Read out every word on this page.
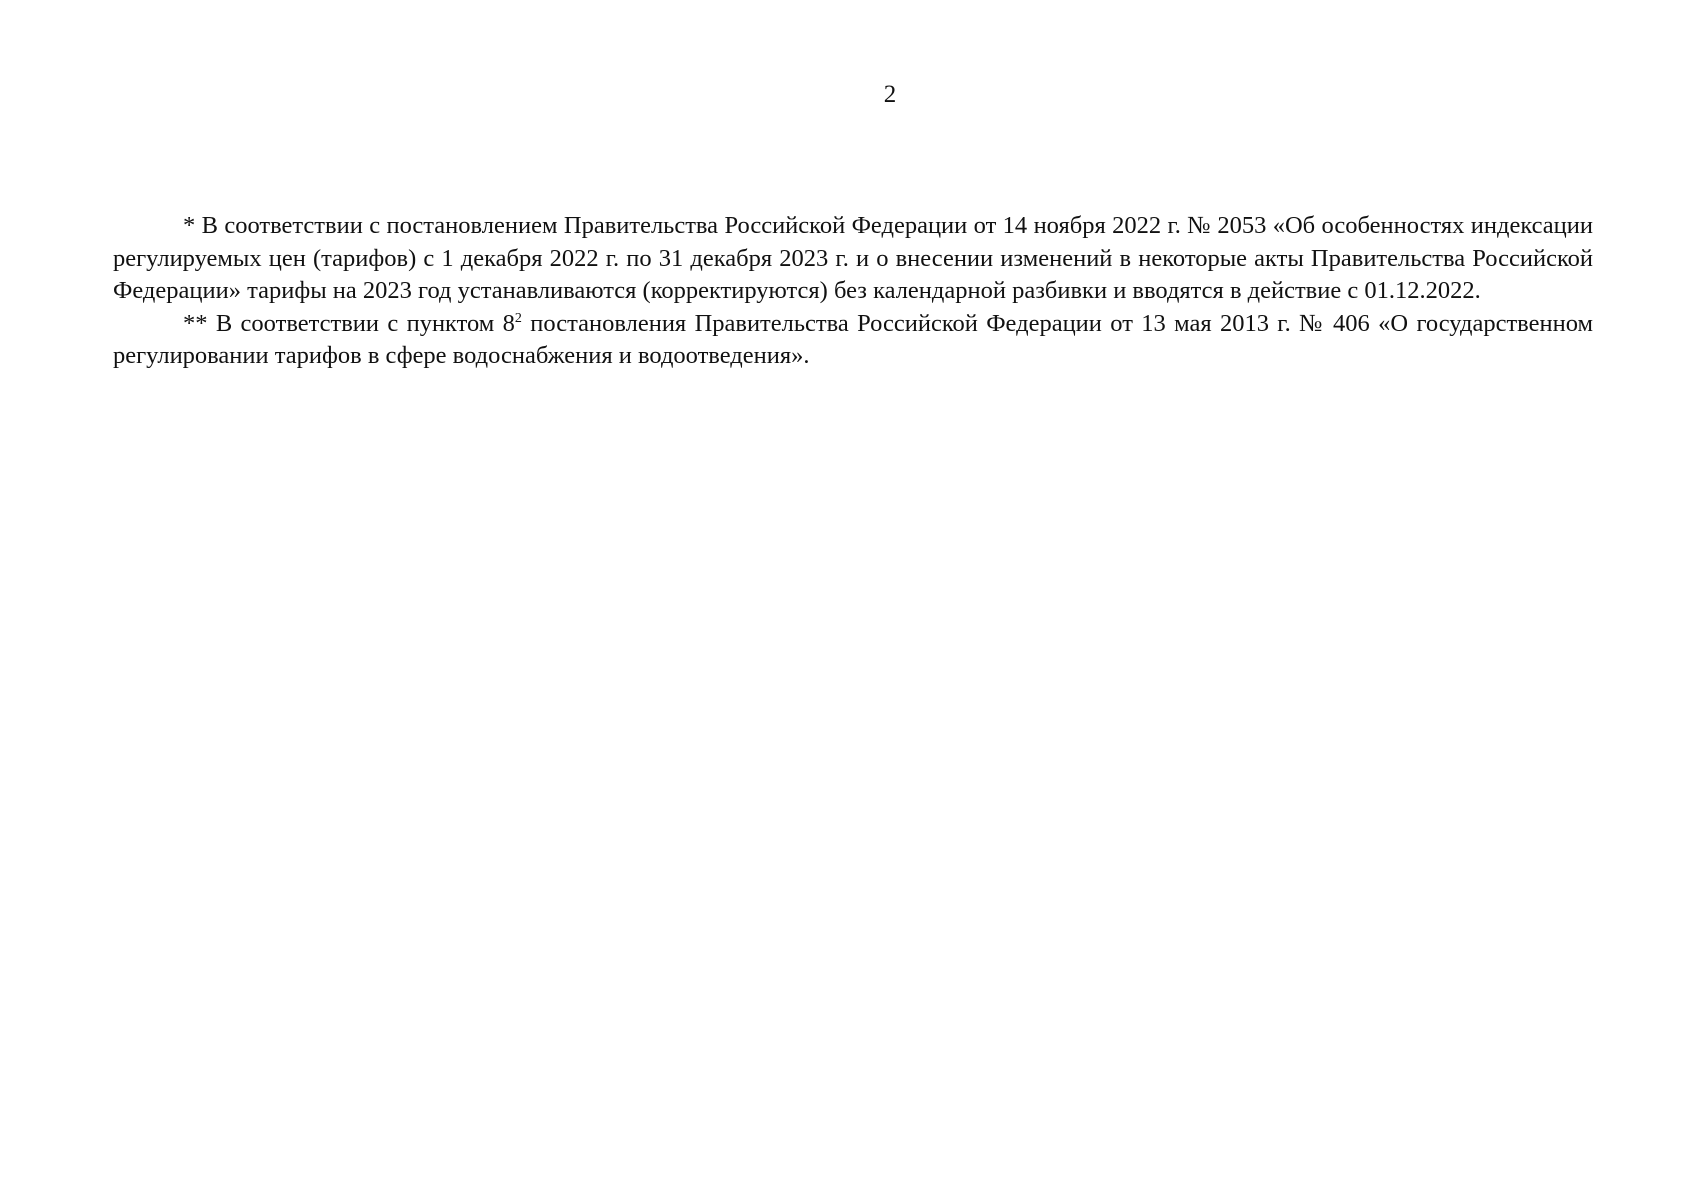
2

* В соответствии с постановлением Правительства Российской Федерации от 14 ноября 2022 г. № 2053 «Об особенностях индексации регулируемых цен (тарифов) с 1 декабря 2022 г. по 31 декабря 2023 г. и о внесении изменений в некоторые акты Правительства Российской Федерации» тарифы на 2023 год устанавливаются (корректируются) без календарной разбивки и вводятся в действие с 01.12.2022.

** В соответствии с пунктом $8^2$ постановления Правительства Российской Федерации от 13 мая 2013 г. № 406 «О государственном регулировании тарифов в сфере водоснабжения и водоотведения».
